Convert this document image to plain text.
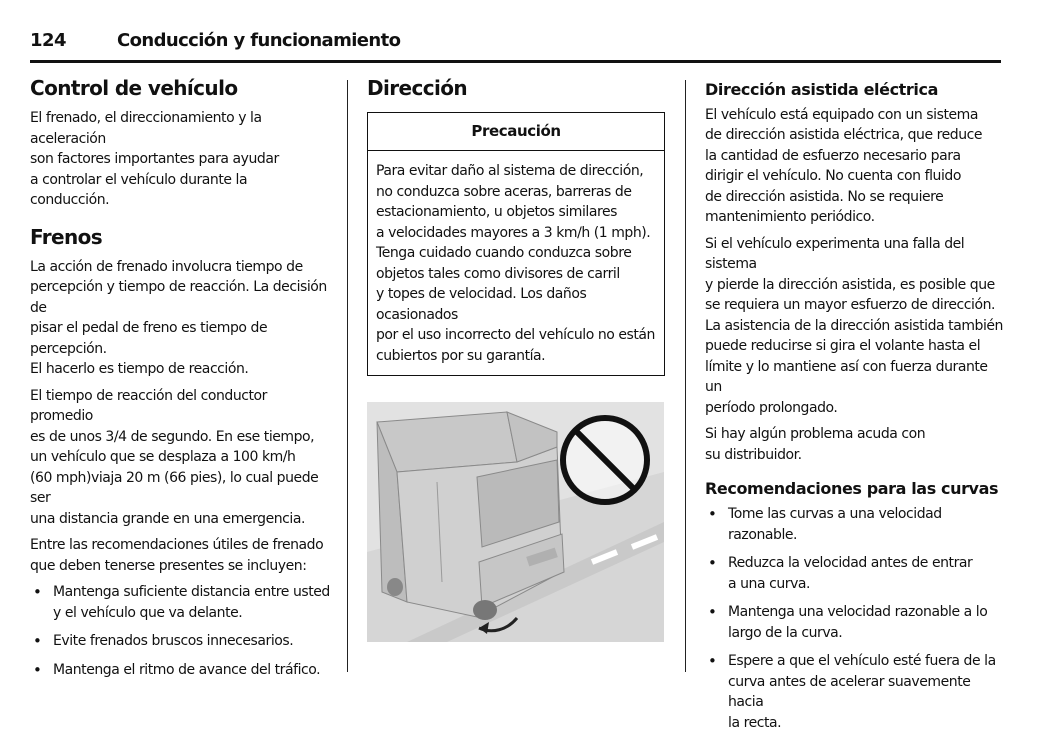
124	Conducción y funcionamiento
Control de vehículo

El frenado, el direccionamiento y la aceleración
son factores importantes para ayudar
a controlar el vehículo durante la conducción.

Frenos

La acción de frenado involucra tiempo de
percepción y tiempo de reacción. La decisión de
pisar el pedal de freno es tiempo de percepción.
El hacerlo es tiempo de reacción.

El tiempo de reacción del conductor promedio
es de unos 3/4 de segundo. En ese tiempo,
un vehículo que se desplaza a 100 km/h
(60 mph)viaja 20 m (66 pies), lo cual puede ser
una distancia grande en una emergencia.

Entre las recomendaciones útiles de frenado
que deben tenerse presentes se incluyen:

• Mantenga suficiente distancia entre usted
y el vehículo que va delante.
• Evite frenados bruscos innecesarios.
• Mantenga el ritmo de avance del tráfico.
Dirección
Precaución
Para evitar daño al sistema de dirección,
no conduzca sobre aceras, barreras de
estacionamiento, u objetos similares
a velocidades mayores a 3 km/h (1 mph).
Tenga cuidado cuando conduzca sobre
objetos tales como divisores de carril
y topes de velocidad. Los daños ocasionados
por el uso incorrecto del vehículo no están
cubiertos por su garantía.
Dirección asistida eléctrica

El vehículo está equipado con un sistema
de dirección asistida eléctrica, que reduce
la cantidad de esfuerzo necesario para
dirigir el vehículo. No cuenta con fluido
de dirección asistida. No se requiere
mantenimiento periódico.

Si el vehículo experimenta una falla del sistema
y pierde la dirección asistida, es posible que
se requiera un mayor esfuerzo de dirección.
La asistencia de la dirección asistida también
puede reducirse si gira el volante hasta el
límite y lo mantiene así con fuerza durante un
período prolongado.

Si hay algún problema acuda con
su distribuidor.

Recomendaciones para las curvas
• Tome las curvas a una velocidad razonable.
• Reduzca la velocidad antes de entrar
a una curva.
• Mantenga una velocidad razonable a lo
largo de la curva.
• Espere a que el vehículo esté fuera de la
curva antes de acelerar suavemente hacia
la recta.
